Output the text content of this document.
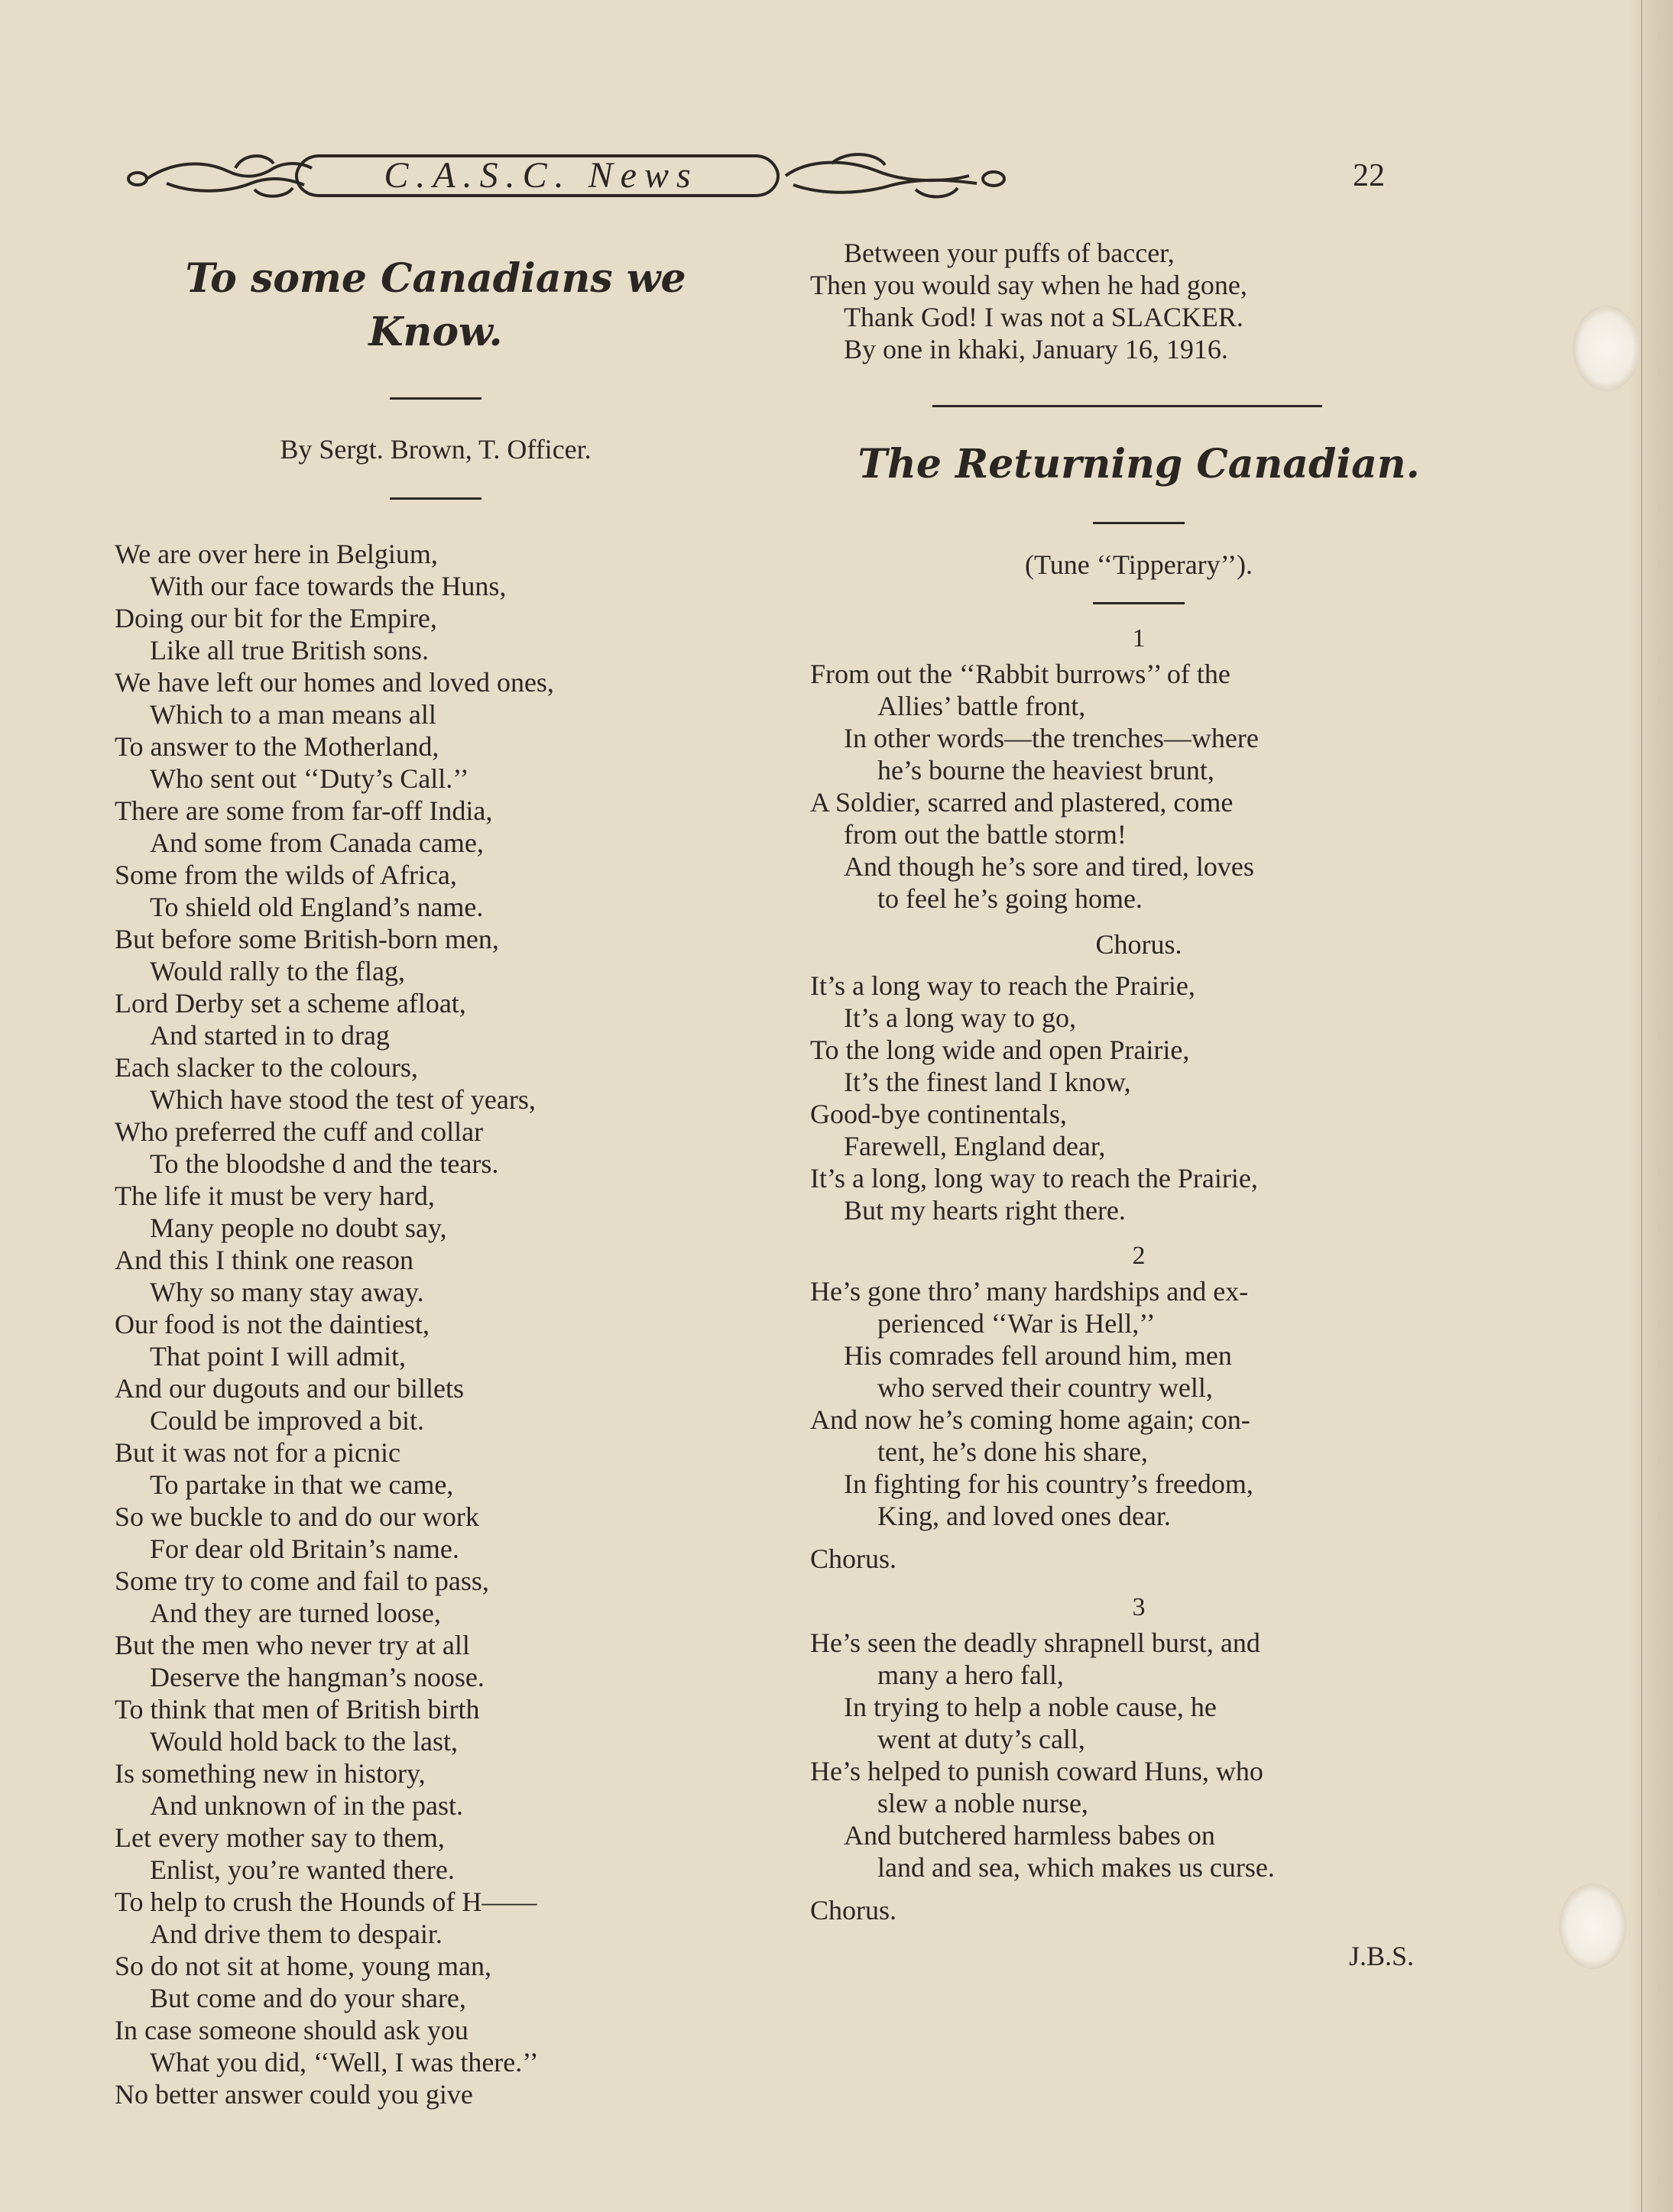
C.A.S.C. News	22
To some Canadians we Know.
By Sergt. Brown, T. Officer.
We are over here in Belgium,
With our face towards the Huns,
Doing our bit for the Empire,
Like all true British sons.
We have left our homes and loved ones,
Which to a man means all
To answer to the Motherland,
Who sent out ‘‘Duty’s Call.’’
There are some from far-off India,
And some from Canada came,
Some from the wilds of Africa,
To shield old England’s name.
But before some British-born men,
Would rally to the flag,
Lord Derby set a scheme afloat,
And started in to drag
Each slacker to the colours,
Which have stood the test of years,
Who preferred the cuff and collar
To the bloodshe d and the tears.
The life it must be very hard,
Many people no doubt say,
And this I think one reason
Why so many stay away.
Our food is not the daintiest,
That point I will admit,
And our dugouts and our billets
Could be improved a bit.
But it was not for a picnic
To partake in that we came,
So we buckle to and do our work
For dear old Britain’s name.
Some try to come and fail to pass,
And they are turned loose,
But the men who never try at all
Deserve the hangman’s noose.
To think that men of British birth
Would hold back to the last,
Is something new in history,
And unknown of in the past.
Let every mother say to them,
Enlist, you’re wanted there.
To help to crush the Hounds of H——
And drive them to despair.
So do not sit at home, young man,
But come and do your share,
In case someone should ask you
What you did, ‘‘Well, I was there.’’
No better answer could you give
Between your puffs of baccer,
Then you would say when he had gone,
Thank God! I was not a SLACKER.
By one in khaki, January 16, 1916.
The Returning Canadian.
(Tune ‘‘Tipperary’’).
1
From out the ‘‘Rabbit burrows’’ of the
Allies’ battle front,
In other words—the trenches—where
he’s bourne the heaviest brunt,
A Soldier, scarred and plastered, come
from out the battle storm!
And though he’s sore and tired, loves
to feel he’s going home.
Chorus.
It’s a long way to reach the Prairie,
It’s a long way to go,
To the long wide and open Prairie,
It’s the finest land I know,
Good-bye continentals,
Farewell, England dear,
It’s a long, long way to reach the Prairie,
But my hearts right there.
2
He’s gone thro’ many hardships and ex-
perienced ‘‘War is Hell,’’
His comrades fell around him, men
who served their country well,
And now he’s coming home again; con-
tent, he’s done his share,
In fighting for his country’s freedom,
King, and loved ones dear.
Chorus.
3
He’s seen the deadly shrapnell burst, and
many a hero fall,
In trying to help a noble cause, he
went at duty’s call,
He’s helped to punish coward Huns, who
slew a noble nurse,
And butchered harmless babes on
land and sea, which makes us curse.
Chorus.
J.B.S.
